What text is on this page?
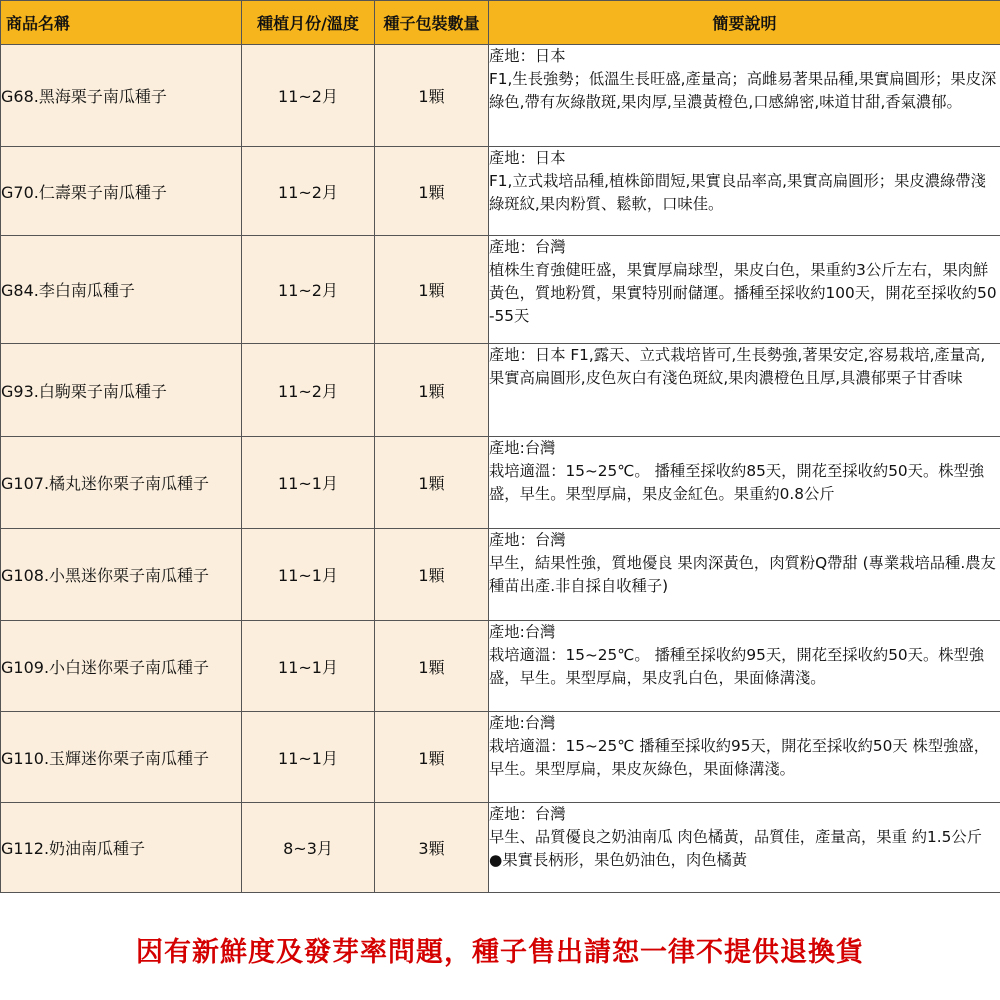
商品名稱	種植月份/溫度	種子包裝數量	簡要說明
G68.黑海栗子南瓜種子	11~2月	1顆	產地：日本
F1,生長強勢；低溫生長旺盛,產量高；高雌易著果品種,果實扁圓形；果皮深綠色,帶有灰綠散斑,果肉厚,呈濃黃橙色,口感綿密,味道甘甜,香氣濃郁。

G70.仁壽栗子南瓜種子	11~2月	1顆	產地：日本
F1,立式栽培品種,植株節間短,果實良品率高,果實高扁圓形；果皮濃綠帶淺綠斑紋,果肉粉質、鬆軟，口味佳。

G84.李白南瓜種子	11~2月	1顆	產地：台灣
植株生育強健旺盛，果實厚扁球型，果皮白色，果重約3公斤左右，果肉鮮黃色，質地粉質，果實特別耐儲運。播種至採收約100天，開花至採收約50-55天

G93.白駒栗子南瓜種子	11~2月	1顆	產地：日本 F1,露天、立式栽培皆可,生長勢強,著果安定,容易栽培,產量高,果實高扁圓形,皮色灰白有淺色斑紋,果肉濃橙色且厚,具濃郁栗子甘香味

G107.橘丸迷你栗子南瓜種子	11~1月	1顆	產地:台灣
栽培適溫：15~25℃。 播種至採收約85天，開花至採收約50天。株型強盛，早生。果型厚扁，果皮金紅色。果重約0.8公斤

G108.小黑迷你栗子南瓜種子	11~1月	1顆	產地：台灣
早生，結果性強，質地優良 果肉深黃色，肉質粉Q帶甜 (專業栽培品種.農友種苗出產.非自採自收種子)

G109.小白迷你栗子南瓜種子	11~1月	1顆	產地:台灣
栽培適溫：15~25℃。 播種至採收約95天，開花至採收約50天。株型強盛，早生。果型厚扁，果皮乳白色，果面條溝淺。

G110.玉輝迷你栗子南瓜種子	11~1月	1顆	產地:台灣
栽培適溫：15~25℃ 播種至採收約95天，開花至採收約50天 株型強盛，早生。果型厚扁，果皮灰綠色，果面條溝淺。

G112.奶油南瓜種子	8~3月	3顆	產地：台灣
早生、品質優良之奶油南瓜 肉色橘黃，品質佳，產量高，果重 約1.5公斤 ●果實長柄形，果色奶油色，肉色橘黃
因有新鮮度及發芽率問題，種子售出請恕一律不提供退換貨
